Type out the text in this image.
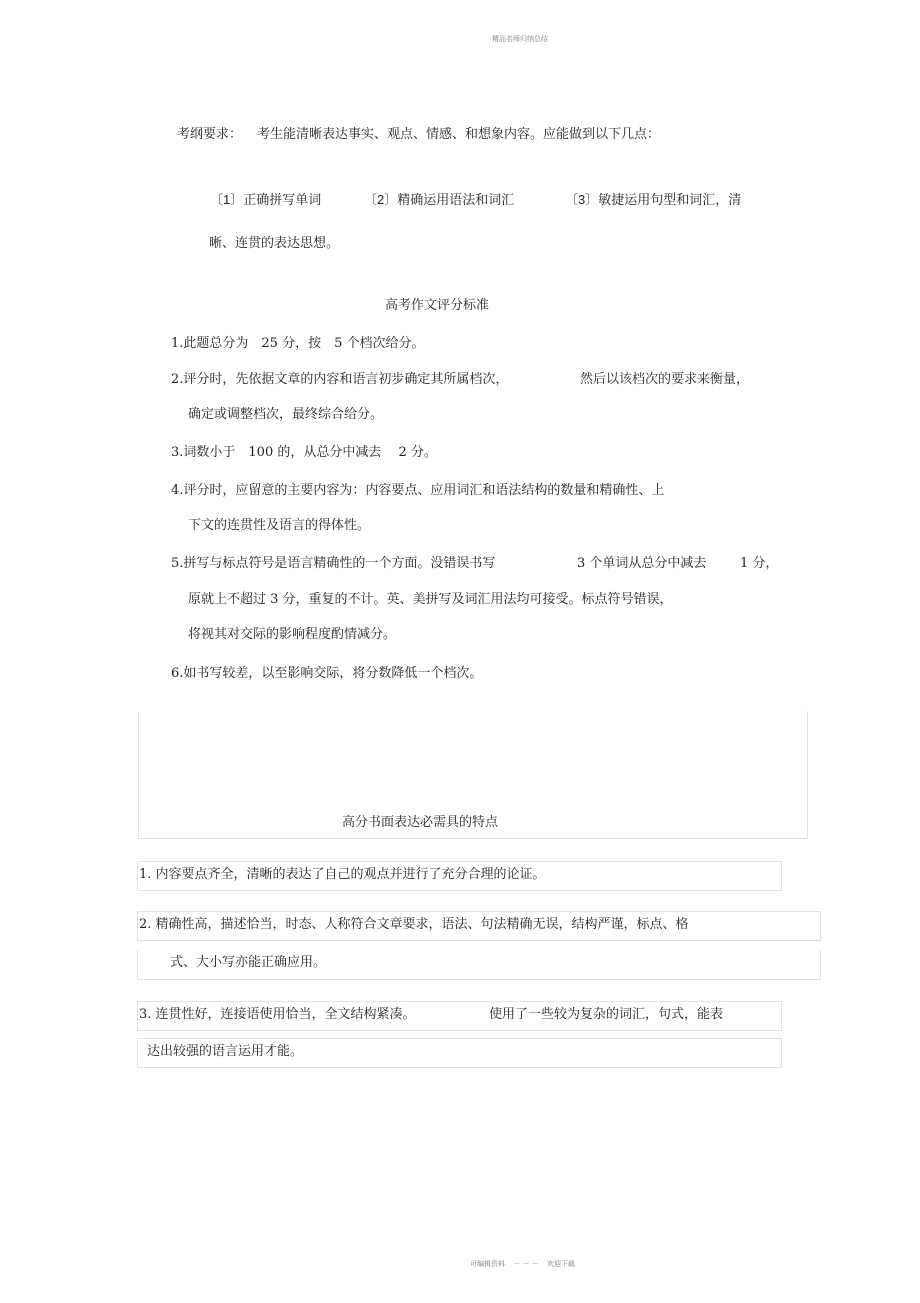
精品名师归纳总结
考纲要求： 考生能清晰表达事实、观点、情感、和想象内容。应能做到以下几点：
〔1〕正确拼写单词	〔2〕精确运用语法和词汇	〔3〕敏捷运用句型和词汇，清
晰、连贯的表达思想。
高考作文评分标准
1.此题总分为　25 分，按　5 个档次给分。
2.评分时，先依据文章的内容和语言初步确定其所属档次，	然后以该档次的要求来衡量，
确定或调整档次，最终综合给分。
3.词数小于　100 的，从总分中减去　 2 分。
4.评分时，应留意的主要内容为：内容要点、应用词汇和语法结构的数量和精确性、上
下文的连贯性及语言的得体性。
5.拼写与标点符号是语言精确性的一个方面。没错误书写	3 个单词从总分中减去	1 分，
原就上不超过 3 分，重复的不计。英、美拼写及词汇用法均可接受。标点符号错误，
将视其对交际的影响程度酌情减分。
6.如书写较差，以至影响交际，将分数降低一个档次。
高分书面表达必需具的特点
1. 内容要点齐全，清晰的表达了自己的观点并进行了充分合理的论证。
2. 精确性高，描述恰当，时态、人称符合文章要求，语法、句法精确无误，结构严谨，标点、格
式、大小写亦能正确应用。
3. 连贯性好，连接语使用恰当，全文结构紧凑。	使用了一些较为复杂的词汇，句式，能表
达出较强的语言运用才能。
可编辑资料 － － － 欢迎下载
